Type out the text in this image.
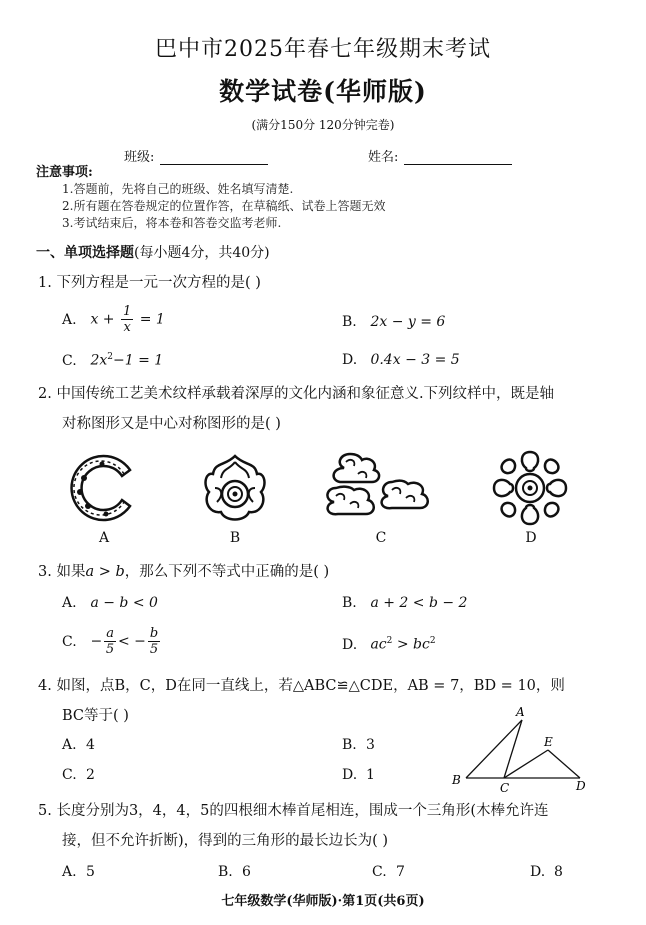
巴中市2025年春七年级期末考试
数学试卷(华师版)
(满分150分 120分钟完卷)
班级:	姓名:
注意事项:
1.答题前，先将自己的班级、姓名填写清楚.
2.所有题在答卷规定的位置作答，在草稿纸、试卷上答题无效
3.考试结束后，将本卷和答卷交监考老师.
一、单项选择题(每小题4分，共40分)
1. 下列方程是一元一次方程的是( )
A. $x + \frac{1}{x} = 1$	B. 2x − y = 6
C. $2x^2-1 = 1$	D. 0.4x − 3 = 5
2. 中国传统工艺美术纹样承载着深厚的文化内涵和象征意义.下列纹样中，既是轴
对称图形又是中心对称图形的是( )
A	B	C	D
3. 如果a > b，那么下列不等式中正确的是( )
A. a − b < 0	B. a + 2 < b − 2
C. − $\frac{a}{5}$ < − $\frac{b}{5}$	D. $ac^2 > bc^2$
4. 如图，点B，C，D在同一直线上，若△ABC≌△CDE，AB = 7，BD = 10，则
BC等于( )
A. 4	B. 3
C. 2	D. 1
A
B
C	D
E
5. 长度分别为3，4，4，5的四根细木棒首尾相连，围成一个三角形(木棒允许连
接，但不允许折断)，得到的三角形的最长边长为( )
A. 5	B. 6	C. 7	D. 8
七年级数学(华师版)·第1页(共6页)
